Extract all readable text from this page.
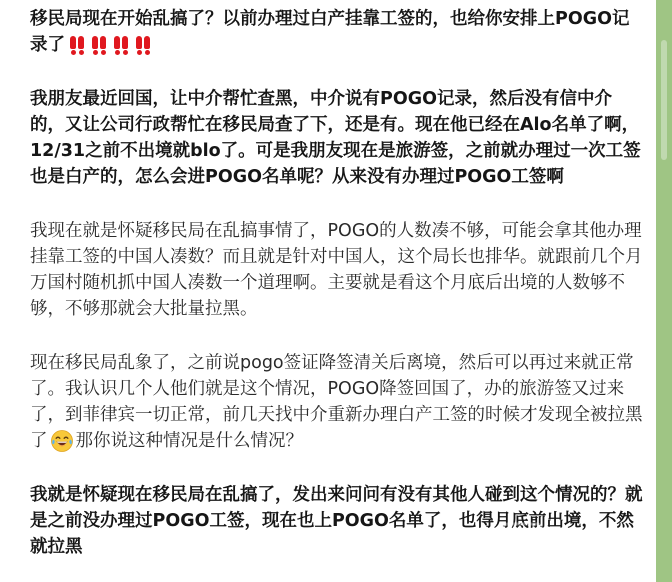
移民局现在开始乱搞了？以前办理过白产挂靠工签的，也给你安排上POGO记录了

我朋友最近回国，让中介帮忙查黑，中介说有POGO记录，然后没有信中介的，又让公司行政帮忙在移民局查了下，还是有。现在他已经在Alo名单了啊，12/31之前不出境就blo了。可是我朋友现在是旅游签，之前就办理过一次工签也是白产的，怎么会进POGO名单呢？从来没有办理过POGO工签啊

我现在就是怀疑移民局在乱搞事情了，POGO的人数凑不够，可能会拿其他办理挂靠工签的中国人凑数？而且就是针对中国人，这个局长也排华。就跟前几个月万国村随机抓中国人凑数一个道理啊。主要就是看这个月底后出境的人数够不够，不够那就会大批量拉黑。

现在移民局乱象了，之前说pogo签证降签清关后离境，然后可以再过来就正常了。我认识几个人他们就是这个情况，POGO降签回国了，办的旅游签又过来了，到菲律宾一切正常，前几天找中介重新办理白产工签的时候才发现全被拉黑了 那你说这种情况是什么情况？

我就是怀疑现在移民局在乱搞了，发出来问问有没有其他人碰到这个情况的？就是之前没办理过POGO工签，现在也上POGO名单了，也得月底前出境，不然就拉黑
